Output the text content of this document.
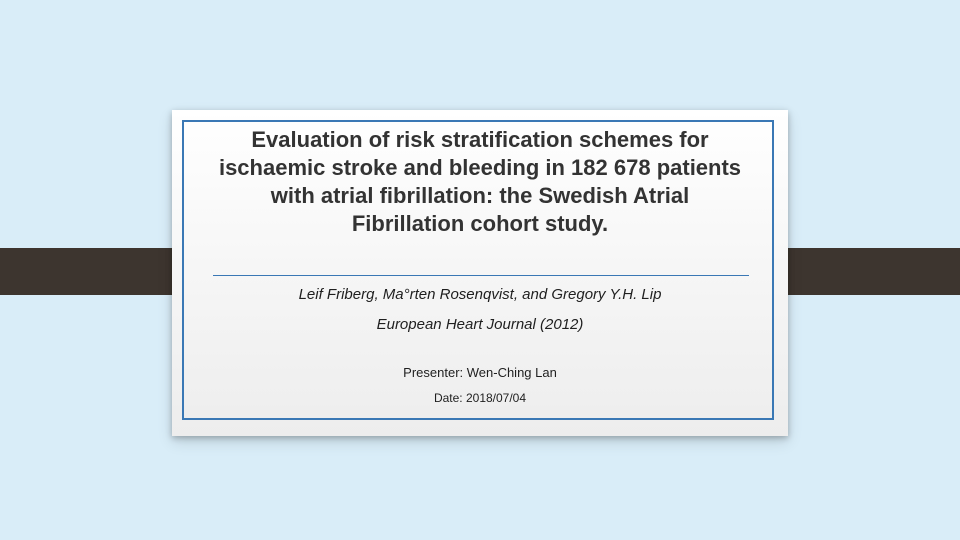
Evaluation of risk stratification schemes for
ischaemic stroke and bleeding in 182 678 patients
with atrial fibrillation: the Swedish Atrial
Fibrillation cohort study.
Leif Friberg, Ma°rten Rosenqvist, and Gregory Y.H. Lip
European Heart Journal (2012)
Presenter: Wen-Ching Lan
Date: 2018/07/04
